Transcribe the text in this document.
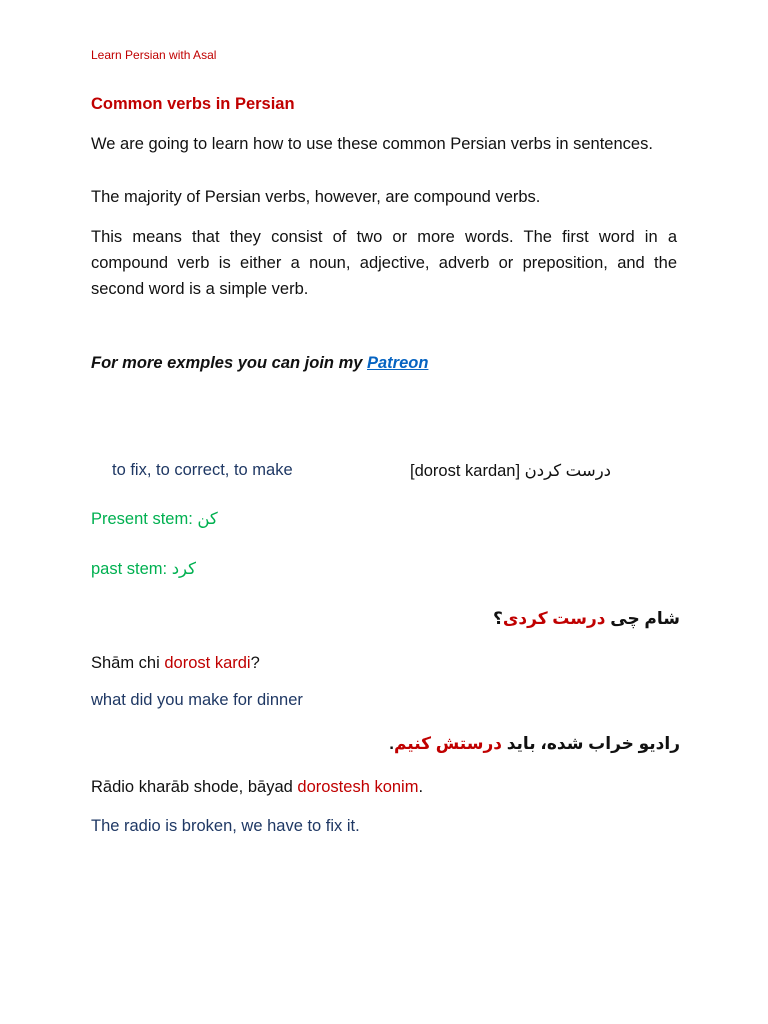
Learn Persian with Asal
Common verbs in Persian
We are going to learn how to use these common Persian verbs in sentences.
The majority of Persian verbs, however, are compound verbs.
This means that they consist of two or more words. The first word in a compound verb is either a noun, adjective, adverb or preposition, and the second word is a simple verb.
For more exmples you can join my Patreon
to fix, to correct, to make	[dorost kardan] درست کردن
Present stem: کن
past stem: کرد
شام چی درست کردی؟
Shām chi dorost kardi?
what did you make for dinner
رادیو خراب شده، باید درستش کنیم.
Rādio kharāb shode, bāyad dorostesh konim.
The radio is broken, we have to fix it.
